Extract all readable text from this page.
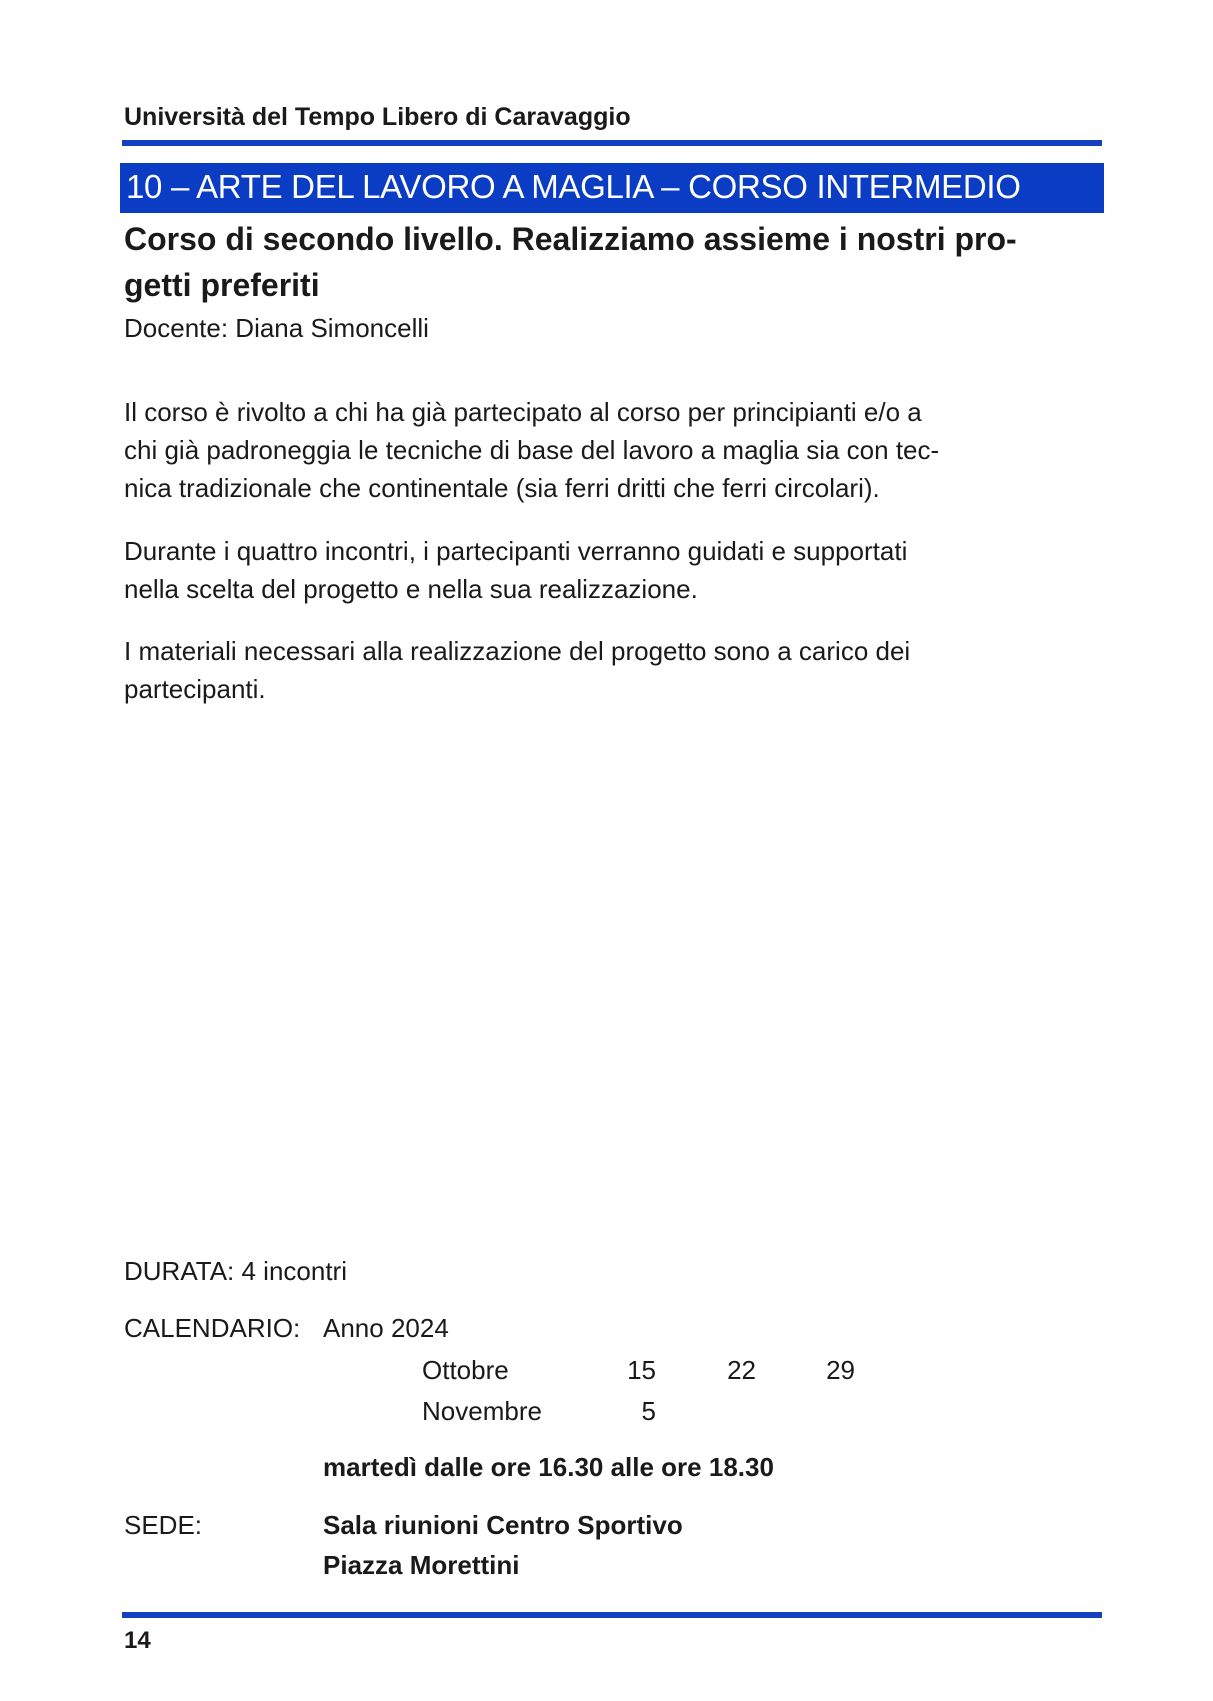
Università del Tempo Libero di Caravaggio
10 – ARTE DEL LAVORO A MAGLIA – CORSO INTERMEDIO
Corso di secondo livello. Realizziamo assieme i nostri pro-
getti preferiti
Docente: Diana Simoncelli
Il corso è rivolto a chi ha già partecipato al corso per principianti e/o a
chi già padroneggia le tecniche di base del lavoro a maglia sia con tec-
nica tradizionale che continentale (sia ferri dritti che ferri circolari).
Durante i quattro incontri, i partecipanti verranno guidati e supportati
nella scelta del progetto e nella sua realizzazione.
I materiali necessari alla realizzazione del progetto sono a carico dei
partecipanti.
DURATA: 4 incontri
CALENDARIO: Anno 2024
Ottobre	15	22	29
Novembre	5
martedì dalle ore 16.30 alle ore 18.30
SEDE:	Sala riunioni Centro Sportivo
Piazza Morettini
14
